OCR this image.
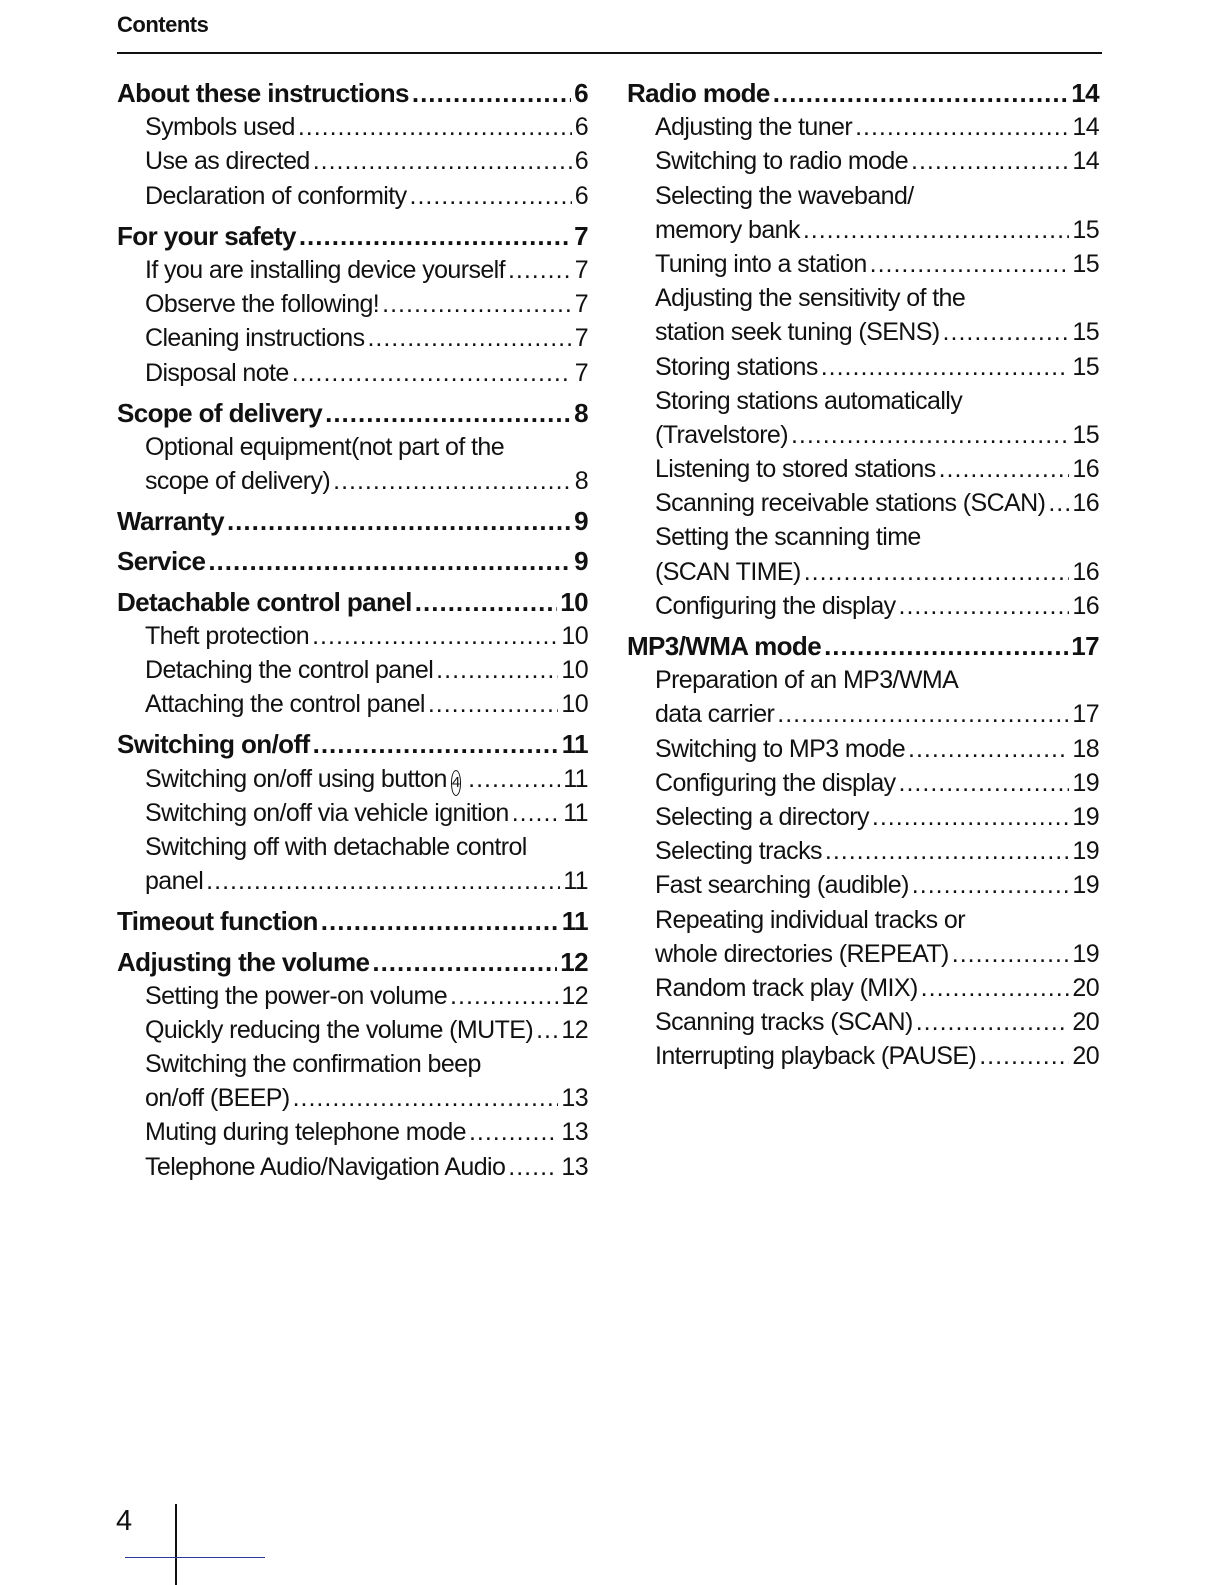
Contents
About these instructions .....	6
Symbols used .....	6
Use as directed .....	6
Declaration of conformity .....	6
For your safety .....	7
If you are installing device yourself .....	7
Observe the following! .....	7
Cleaning instructions .....	7
Disposal note .....	7
Scope of delivery .....	8
Optional equipment(not part of the
scope of delivery) .....	8
Warranty .....	9
Service .....	9
Detachable control panel .....	10
Theft protection .....	10
Detaching the control panel .....	10
Attaching the control panel .....	10
Switching on/off .....	11
Switching on/off using button 4 .....	11
Switching on/off via vehicle ignition ..... 11
Switching off with detachable control
panel .....	11
Timeout function .....	11
Adjusting the volume .....	12
Setting the power-on volume .....	12
Quickly reducing the volume (MUTE) ..... 12
Switching the confirmation beep
on/off (BEEP) .....	13
Muting during telephone mode .....	13
Telephone Audio/Navigation Audio ..... 13
Radio mode .....	14
Adjusting the tuner .....	14
Switching to radio mode .....	14
Selecting the waveband/
memory bank .....	15
Tuning into a station .....	15
Adjusting the sensitivity of the
station seek tuning (SENS) .....	15
Storing stations .....	15
Storing stations automatically
(Travelstore) .....	15
Listening to stored stations .....	16
Scanning receivable stations (SCAN) ..... 16
Setting the scanning time
(SCAN TIME) .....	16
Configuring the display .....	16
MP3/WMA mode .....	17
Preparation of an MP3/WMA
data carrier .....	17
Switching to MP3 mode .....	18
Configuring the display .....	19
Selecting a directory .....	19
Selecting tracks .....	19
Fast searching (audible) .....	19
Repeating individual tracks or
whole directories (REPEAT) .....	19
Random track play (MIX) .....	20
Scanning tracks (SCAN) .....	20
Interrupting playback (PAUSE) .....	20
4
